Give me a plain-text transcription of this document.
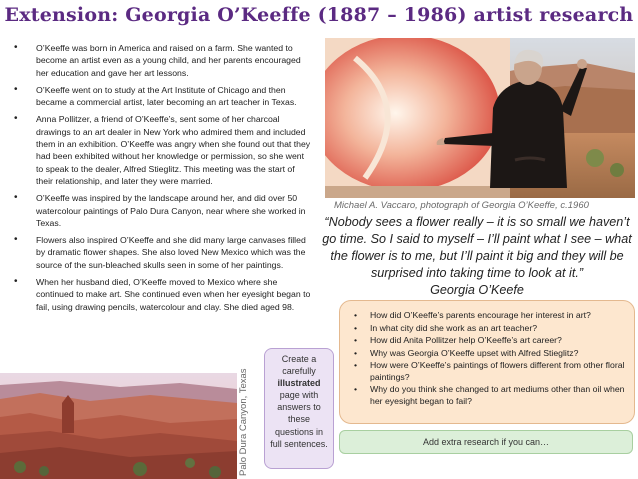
Extension: Georgia O’Keeffe (1887 – 1986) artist research
• O’Keeffe was born in America and raised on a farm. She wanted to become an artist even as a young child, and her parents encouraged her education and gave her art lessons.
• O’Keeffe went on to study at the Art Institute of Chicago and then became a commercial artist, later becoming an art teacher in Texas.
• Anna Pollitzer, a friend of O’Keeffe’s, sent some of her charcoal drawings to an art dealer in New York who admired them and included them in an exhibition. O’Keeffe was angry when she found out that they had been exhibited without her knowledge or permission, so she went to speak to the dealer, Alfred Stieglitz. This meeting was the start of their relationship, and later they were married.
• O’Keeffe was inspired by the landscape around her, and did over 50 watercolour paintings of Palo Dura Canyon, near where she worked in Texas.
• Flowers also inspired O’Keeffe and she did many large canvases filled by dramatic flower shapes. She also loved New Mexico which was the source of the sun-bleached skulls seen in some of her paintings.
• When her husband died, O’Keeffe moved to Mexico where she continued to make art. She continued even when her eyesight began to fail, using drawing pencils, watercolour and clay. She died aged 98.
Michael A. Vaccaro, photograph of Georgia O’Keeffe, c.1960
“Nobody sees a flower really – it is so small we haven’t go time. So I said to myself – I’ll paint what I see – what the flower is to me, but I’ll paint it big and they will be surprised into taking time to look at it.”
Georgia O’Keefe
• How did O’Keeffe’s parents encourage her interest in art?
• In what city did she work as an art teacher?
• How did Anita Pollitzer help O’Keeffe’s art career?
• Why was Georgia O’Keeffe upset with Alfred Stieglitz?
• How were O’Keeffe’s paintings of flowers different from other floral paintings?
• Why do you think she changed to art mediums other than oil when her eyesight began to fail?
Add extra research if you can…
Palo Dura Canyon, Texas
Create a carefully illustrated page with answers to these questions in full sentences.
